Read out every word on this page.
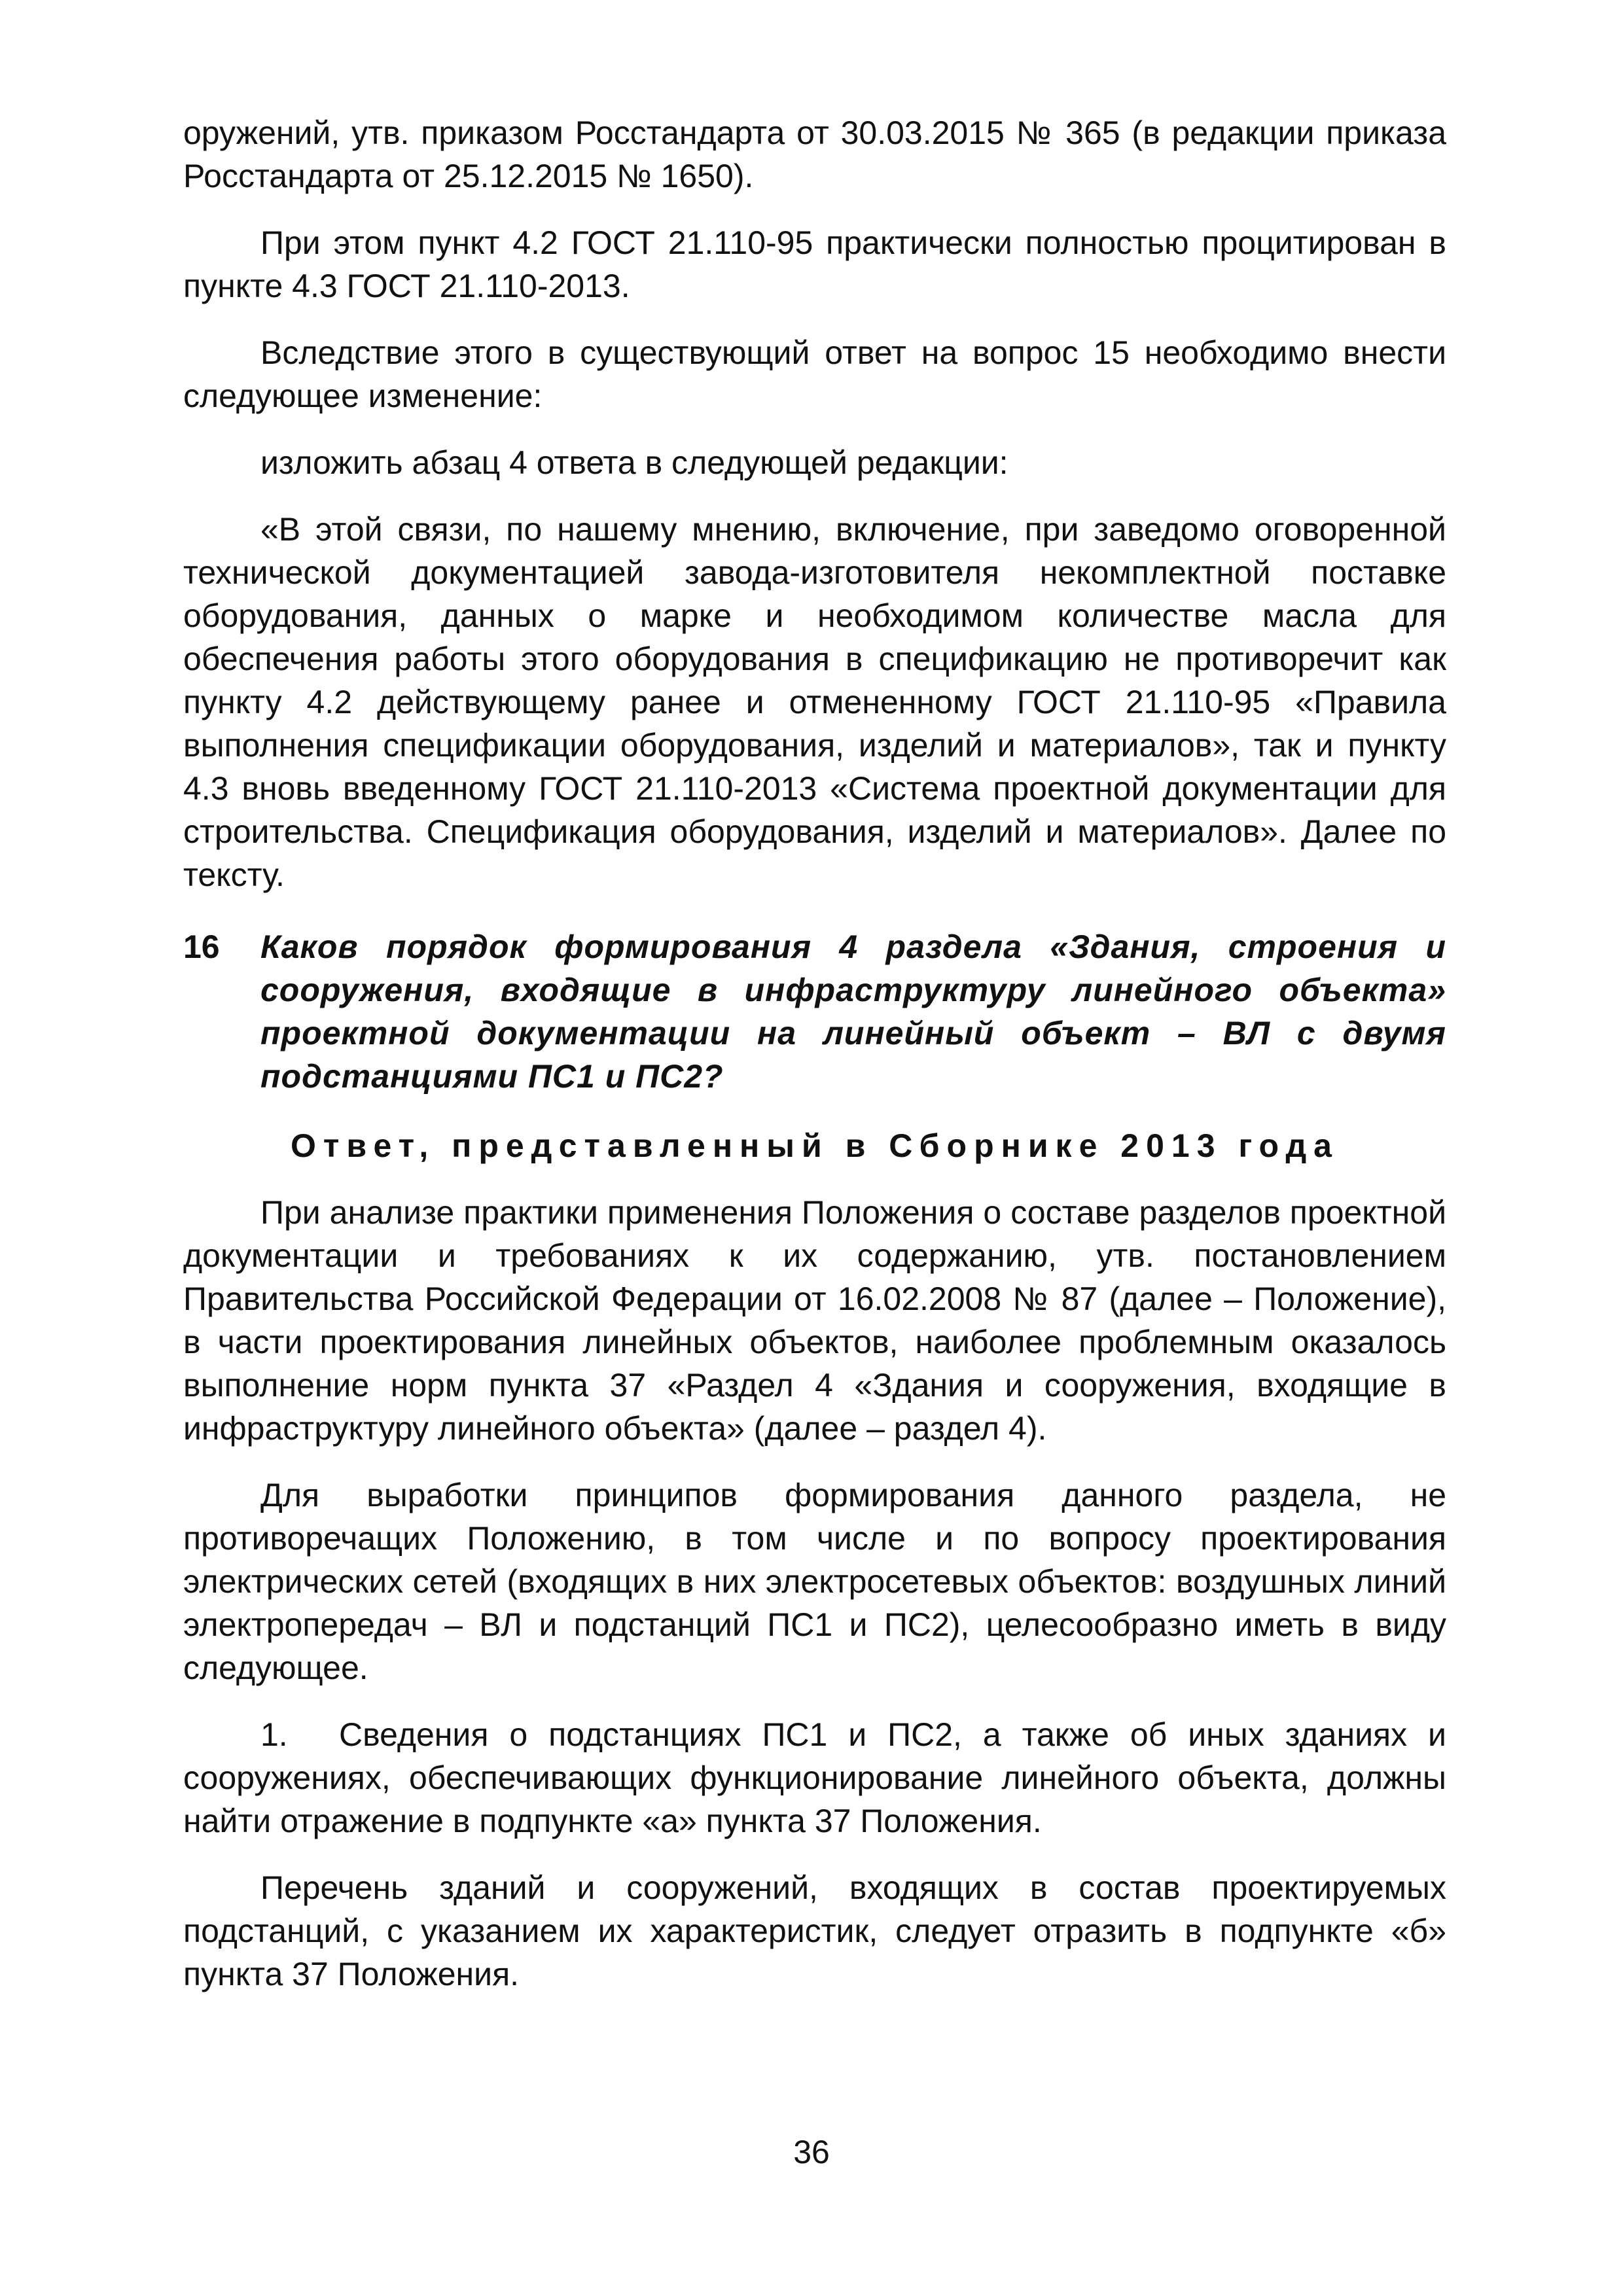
оружений, утв. приказом Росстандарта от 30.03.2015 № 365 (в редакции приказа Росстандарта от 25.12.2015 № 1650).

При этом пункт 4.2 ГОСТ 21.110-95 практически полностью процитирован в пункте 4.3 ГОСТ 21.110-2013.

Вследствие этого в существующий ответ на вопрос 15 необходимо внести следующее изменение:

изложить абзац 4 ответа в следующей редакции:

«В этой связи, по нашему мнению, включение, при заведомо оговоренной технической документацией завода-изготовителя некомплектной поставке оборудования, данных о марке и необходимом количестве масла для обеспечения работы этого оборудования в спецификацию не противоречит как пункту 4.2 действующему ранее и отмененному ГОСТ 21.110-95 «Правила выполнения спецификации оборудования, изделий и материалов», так и пункту 4.3 вновь введенному ГОСТ 21.110-2013 «Система проектной документации для строительства. Спецификация оборудования, изделий и материалов». Далее по тексту.

16 Каков порядок формирования 4 раздела «Здания, строения и сооружения, входящие в инфраструктуру линейного объекта» проектной документации на линейный объект – ВЛ с двумя подстанциями ПС1 и ПС2?
Ответ, представленный в Сборнике 2013 года

При анализе практики применения Положения о составе разделов проектной документации и требованиях к их содержанию, утв. постановлением Правительства Российской Федерации от 16.02.2008 № 87 (далее – Положение), в части проектирования линейных объектов, наиболее проблемным оказалось выполнение норм пункта 37 «Раздел 4 «Здания и сооружения, входящие в инфраструктуру линейного объекта» (далее – раздел 4).

Для выработки принципов формирования данного раздела, не противоречащих Положению, в том числе и по вопросу проектирования электрических сетей (входящих в них электросетевых объектов: воздушных линий электропередач – ВЛ и подстанций ПС1 и ПС2), целесообразно иметь в виду следующее.

1. Сведения о подстанциях ПС1 и ПС2, а также об иных зданиях и сооружениях, обеспечивающих функционирование линейного объекта, должны найти отражение в подпункте «а» пункта 37 Положения.

Перечень зданий и сооружений, входящих в состав проектируемых подстанций, с указанием их характеристик, следует отразить в подпункте «б» пункта 37 Положения.

36
